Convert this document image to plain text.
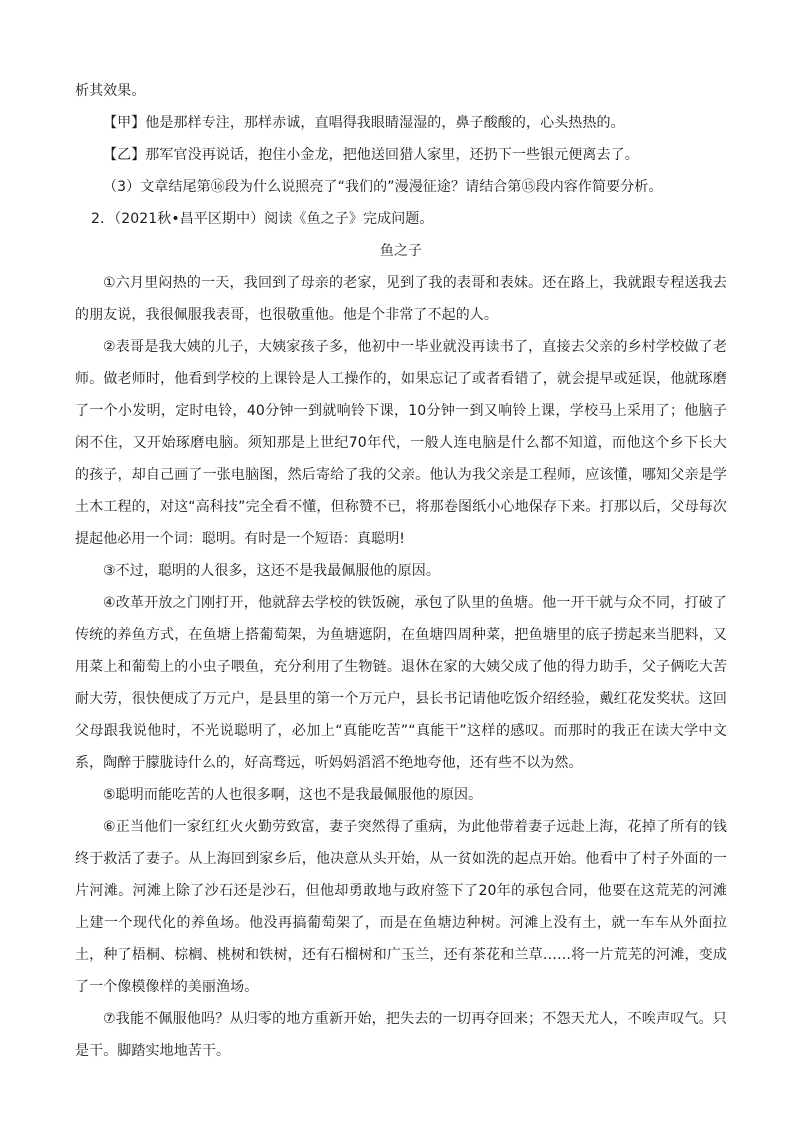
析其效果。

【甲】他是那样专注，那样赤诚，直唱得我眼睛湿湿的，鼻子酸酸的，心头热热的。

【乙】那军官没再说话，抱住小金龙，把他送回猎人家里，还扔下一些银元便离去了。

（3）文章结尾第⑯段为什么说照亮了“我们的”漫漫征途？请结合第⑮段内容作简要分析。

2．（2021秋•昌平区期中）阅读《鱼之子》完成问题。

鱼之子

①六月里闷热的一天，我回到了母亲的老家，见到了我的表哥和表妹。还在路上，我就跟专程送我去的朋友说，我很佩服我表哥，也很敬重他。他是个非常了不起的人。

②表哥是我大姨的儿子，大姨家孩子多，他初中一毕业就没再读书了，直接去父亲的乡村学校做了老师。做老师时，他看到学校的上课铃是人工操作的，如果忘记了或者看错了，就会提早或延误，他就琢磨了一个小发明，定时电铃，40分钟一到就响铃下课，10分钟一到又响铃上课，学校马上采用了；他脑子闲不住，又开始琢磨电脑。须知那是上世纪70年代，一般人连电脑是什么都不知道，而他这个乡下长大的孩子，却自己画了一张电脑图，然后寄给了我的父亲。他认为我父亲是工程师，应该懂，哪知父亲是学土木工程的，对这“高科技”完全看不懂，但称赞不已，将那卷图纸小心地保存下来。打那以后，父母每次提起他必用一个词：聪明。有时是一个短语：真聪明!

③不过，聪明的人很多，这还不是我最佩服他的原因。

④改革开放之门刚打开，他就辞去学校的铁饭碗，承包了队里的鱼塘。他一开干就与众不同，打破了传统的养鱼方式，在鱼塘上搭葡萄架，为鱼塘遮阴，在鱼塘四周种菜，把鱼塘里的底子捞起来当肥料，又用菜上和葡萄上的小虫子喂鱼，充分利用了生物链。退休在家的大姨父成了他的得力助手，父子俩吃大苦耐大劳，很快便成了万元户，是县里的第一个万元户，县长书记请他吃饭介绍经验，戴红花发奖状。这回父母跟我说他时，不光说聪明了，必加上“真能吃苦”“真能干”这样的感叹。而那时的我正在读大学中文系，陶醉于朦胧诗什么的，好高骛远，听妈妈滔滔不绝地夸他，还有些不以为然。

⑤聪明而能吃苦的人也很多啊，这也不是我最佩服他的原因。

⑥正当他们一家红红火火勤劳致富，妻子突然得了重病，为此他带着妻子远赴上海，花掉了所有的钱终于救活了妻子。从上海回到家乡后，他决意从头开始，从一贫如洗的起点开始。他看中了村子外面的一片河滩。河滩上除了沙石还是沙石，但他却勇敢地与政府签下了20年的承包合同，他要在这荒芜的河滩上建一个现代化的养鱼场。他没再搞葡萄架了，而是在鱼塘边种树。河滩上没有土，就一车车从外面拉土，种了梧桐、棕榈、桃树和铁树，还有石榴树和广玉兰，还有茶花和兰草……将一片荒芜的河滩，变成了一个像模像样的美丽渔场。

⑦我能不佩服他吗？从归零的地方重新开始，把失去的一切再夺回来；不怨天尤人，不唉声叹气。只是干。脚踏实地地苦干。
